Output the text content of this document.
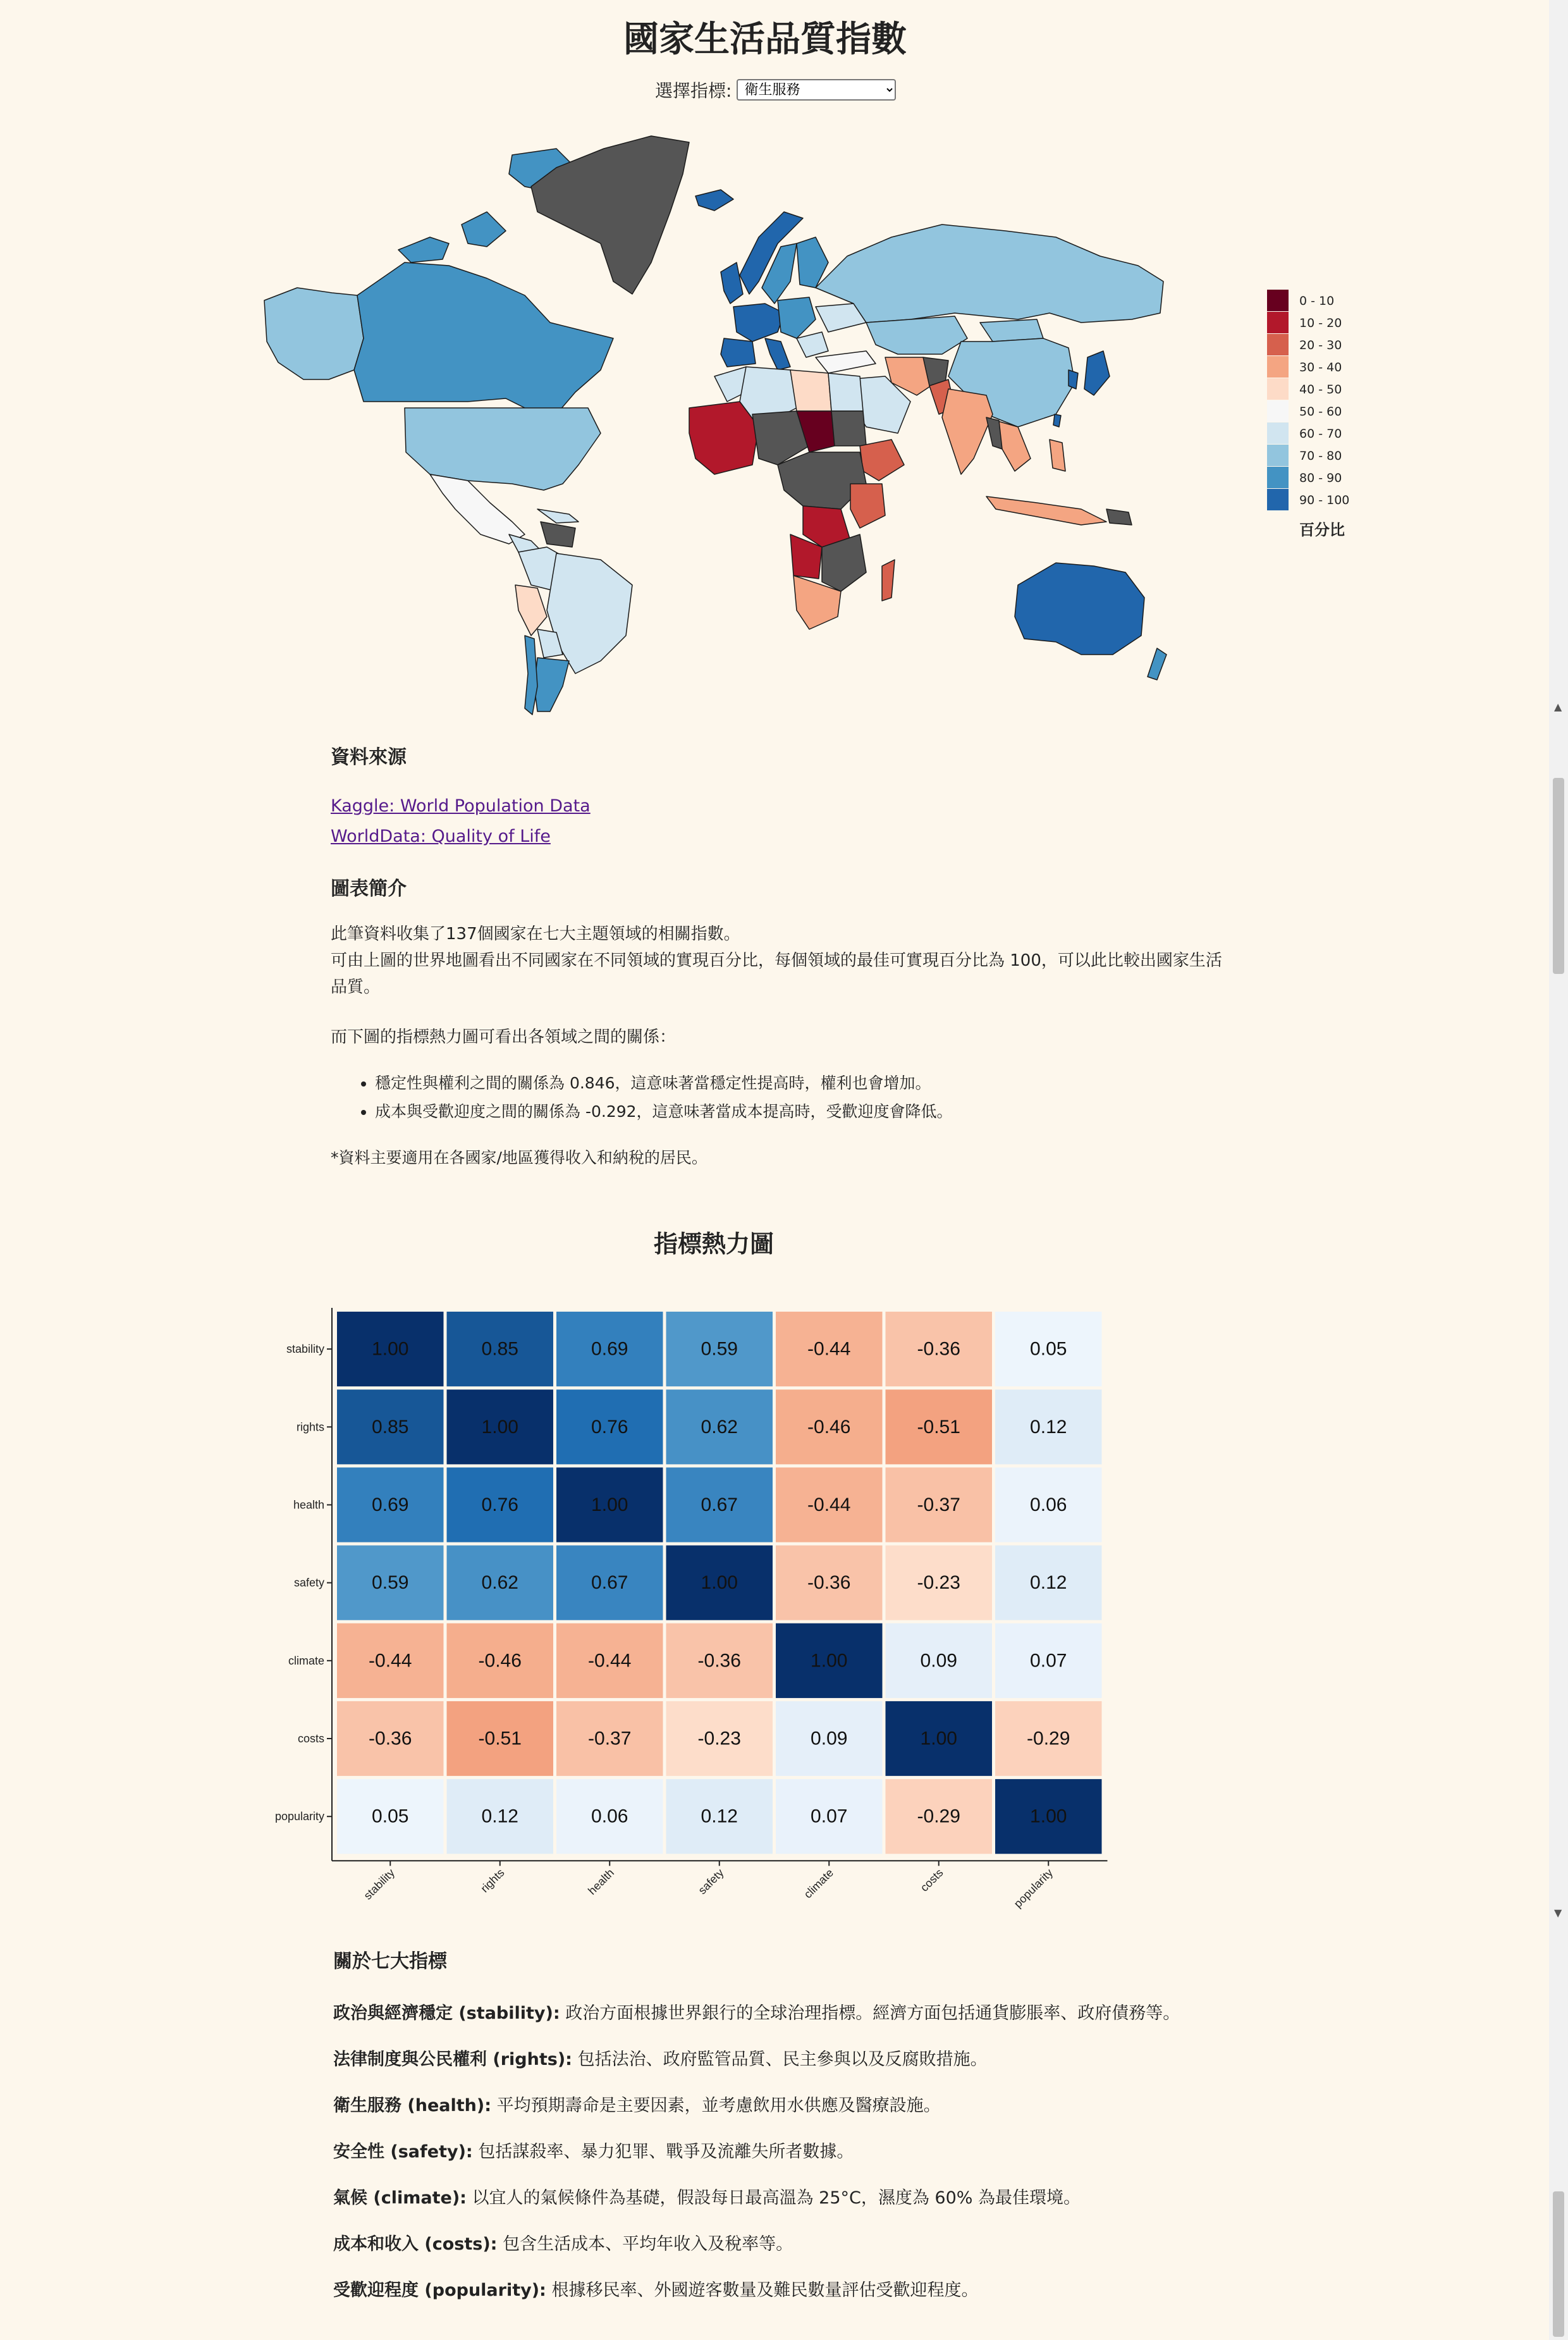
國家生活品質指數
選擇指標:
衛生服務
0 - 10
10 - 20
20 - 30
30 - 40
40 - 50
50 - 60
60 - 70
70 - 80
80 - 90
90 - 100
百分比
資料來源
Kaggle: World Population Data
WorldData: Quality of Life
圖表簡介
此筆資料收集了137個國家在七大主題領域的相關指數。
可由上圖的世界地圖看出不同國家在不同領域的實現百分比，每個領域的最佳可實現百分比為 100，可以此比較出國家生活品質。
而下圖的指標熱力圖可看出各領域之間的關係：
• 穩定性與權利之間的關係為 0.846，這意味著當穩定性提高時，權利也會增加。
• 成本與受歡迎度之間的關係為 -0.292，這意味著當成本提高時，受歡迎度會降低。
*資料主要適用在各國家/地區獲得收入和納稅的居民。
指標熱力圖
1.00	0.85	0.69	0.59	-0.44	-0.36	0.05
0.85	1.00	0.76	0.62	-0.46	-0.51	0.12
0.69	0.76	1.00	0.67	-0.44	-0.37	0.06
0.59	0.62	0.67	1.00	-0.36	-0.23	0.12
-0.44	-0.46	-0.44	-0.36	1.00	0.09	0.07
-0.36	-0.51	-0.37	-0.23	0.09	1.00	-0.29
0.05	0.12	0.06	0.12	0.07	-0.29	1.00
stability
rights
health
safety
climate
costs
popularity
stability	rights	health	safety	climate	costs	popularity
關於七大指標
政治與經濟穩定 (stability): 政治方面根據世界銀行的全球治理指標。經濟方面包括通貨膨脹率、政府債務等。
法律制度與公民權利 (rights): 包括法治、政府監管品質、民主參與以及反腐敗措施。
衛生服務 (health): 平均預期壽命是主要因素，並考慮飲用水供應及醫療設施。
安全性 (safety): 包括謀殺率、暴力犯罪、戰爭及流離失所者數據。
氣候 (climate): 以宜人的氣候條件為基礎，假設每日最高溫為 25°C，濕度為 60% 為最佳環境。
成本和收入 (costs): 包含生活成本、平均年收入及稅率等。
受歡迎程度 (popularity): 根據移民率、外國遊客數量及難民數量評估受歡迎程度。
▲
▼
